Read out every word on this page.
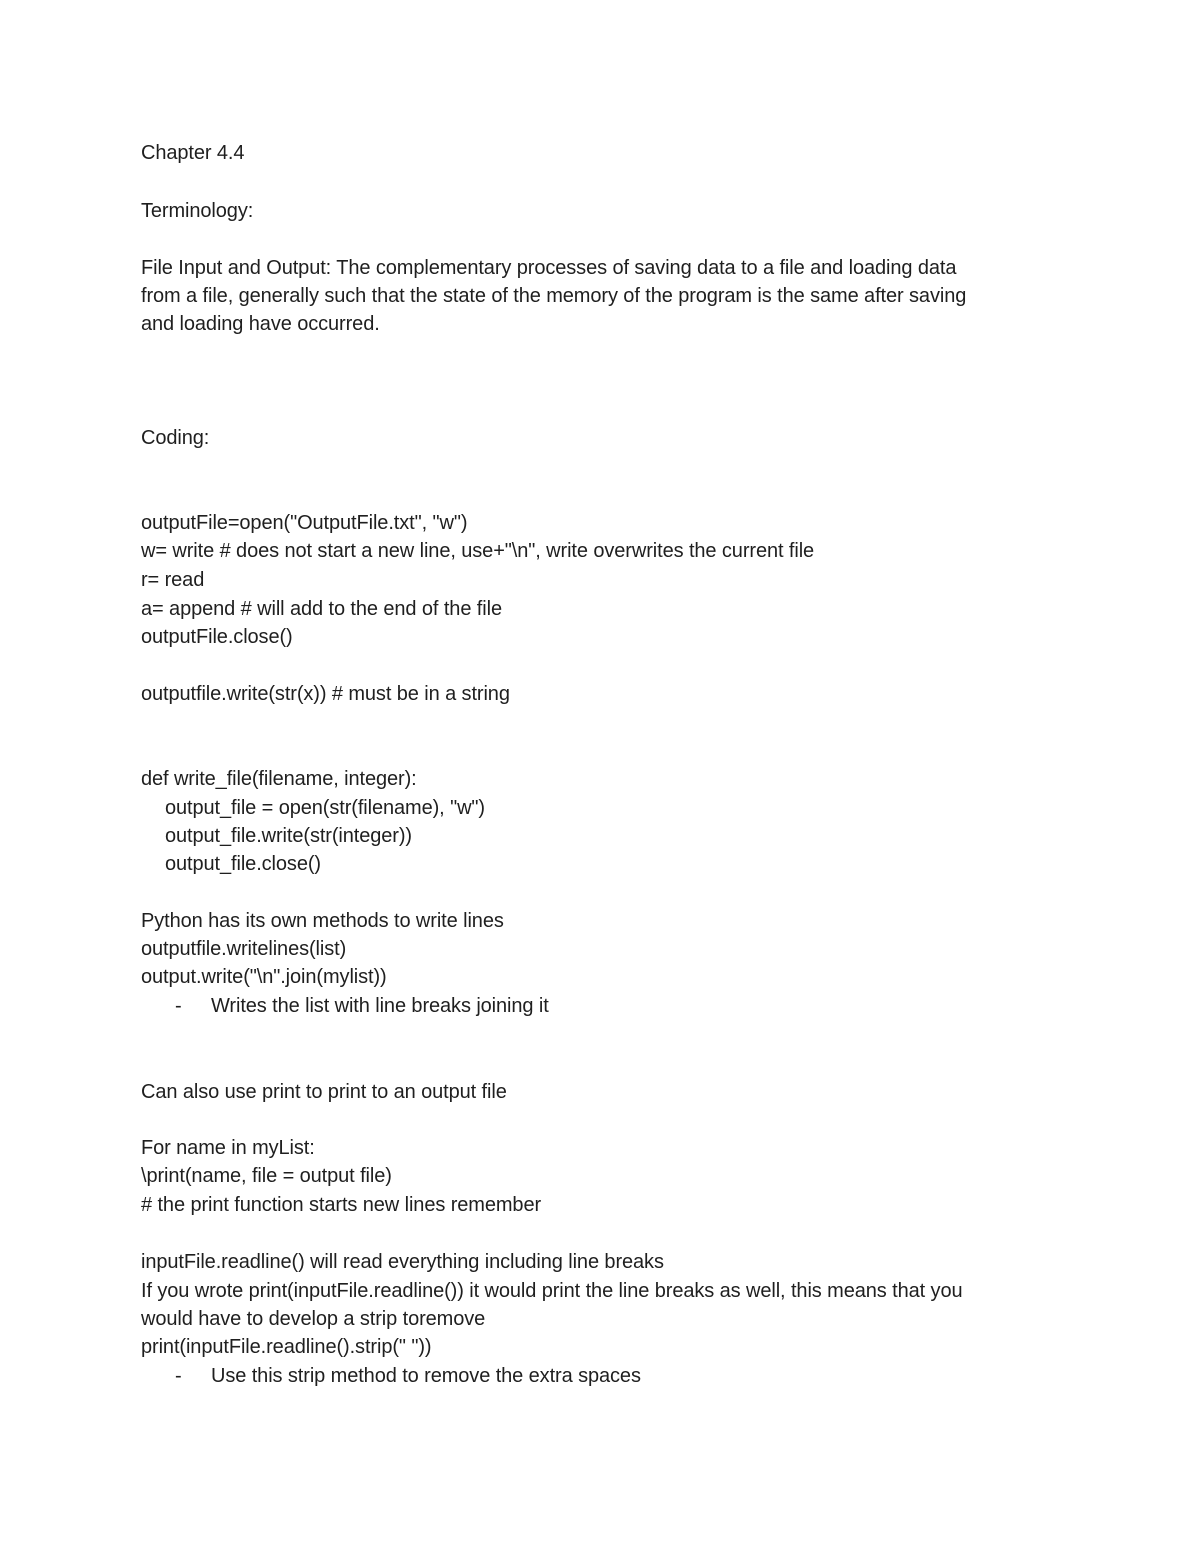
Chapter 4.4
Terminology:
File Input and Output: The complementary processes of saving data to a file and loading data
from a file, generally such that the state of the memory of the program is the same after saving
and loading have occurred.
Coding:
outputFile=open("OutputFile.txt", "w")
w= write # does not start a new line, use+"\n", write overwrites the current file
r= read
a= append # will add to the end of the file
outputFile.close()
outputfile.write(str(x)) # must be in a string
def write_file(filename, integer):
output_file = open(str(filename), "w")
output_file.write(str(integer))
output_file.close()
Python has its own methods to write lines
outputfile.writelines(list)
output.write("\n".join(mylist))
- Writes the list with line breaks joining it
Can also use print to print to an output file
For name in myList:
\print(name, file = output file)
# the print function starts new lines remember
inputFile.readline() will read everything including line breaks
If you wrote print(inputFile.readline()) it would print the line breaks as well, this means that you
would have to develop a strip toremove
print(inputFile.readline().strip(" "))
- Use this strip method to remove the extra spaces
